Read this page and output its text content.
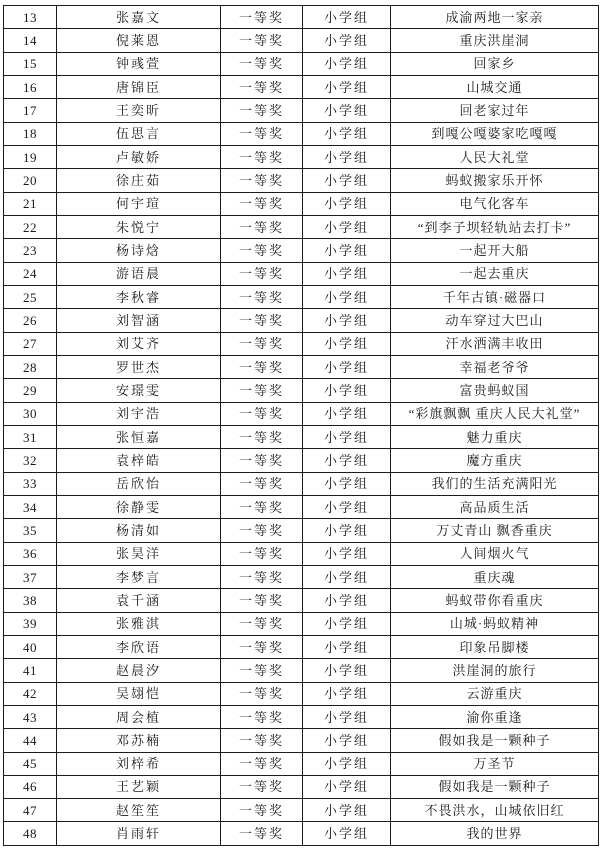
13	张嘉文	一等奖	小学组	成渝两地一家亲
14	倪莱恩	一等奖	小学组	重庆洪崖洞
15	钟彧萱	一等奖	小学组	回家乡
16	唐锦臣	一等奖	小学组	山城交通
17	王奕昕	一等奖	小学组	回老家过年
18	伍思言	一等奖	小学组	到嘎公嘎婆家吃嘎嘎
19	卢敏娇	一等奖	小学组	人民大礼堂
20	徐庄茹	一等奖	小学组	蚂蚁搬家乐开怀
21	何宇瑄	一等奖	小学组	电气化客车
22	朱悦宁	一等奖	小学组	“到李子坝轻轨站去打卡”
23	杨诗焓	一等奖	小学组	一起开大船
24	游语晨	一等奖	小学组	一起去重庆
25	李秋睿	一等奖	小学组	千年古镇·磁器口
26	刘智涵	一等奖	小学组	动车穿过大巴山
27	刘艾齐	一等奖	小学组	汗水洒满丰收田
28	罗世杰	一等奖	小学组	幸福老爷爷
29	安璟雯	一等奖	小学组	富贵蚂蚁国
30	刘宇浩	一等奖	小学组	“彩旗飘飘 重庆人民大礼堂”
31	张恒嘉	一等奖	小学组	魅力重庆
32	袁梓皓	一等奖	小学组	魔方重庆
33	岳欣怡	一等奖	小学组	我们的生活充满阳光
34	徐静雯	一等奖	小学组	高品质生活
35	杨清如	一等奖	小学组	万丈青山 飘香重庆
36	张昊洋	一等奖	小学组	人间烟火气
37	李梦言	一等奖	小学组	重庆魂
38	袁千涵	一等奖	小学组	蚂蚁带你看重庆
39	张雅淇	一等奖	小学组	山城·蚂蚁精神
40	李欣语	一等奖	小学组	印象吊脚楼
41	赵晨汐	一等奖	小学组	洪崖洞的旅行
42	吴翃恺	一等奖	小学组	云游重庆
43	周会植	一等奖	小学组	渝你重逢
44	邓苏楠	一等奖	小学组	假如我是一颗种子
45	刘梓希	一等奖	小学组	万圣节
46	王艺颖	一等奖	小学组	假如我是一颗种子
47	赵笙笙	一等奖	小学组	不畏洪水，山城依旧红
48	肖雨轩	一等奖	小学组	我的世界
